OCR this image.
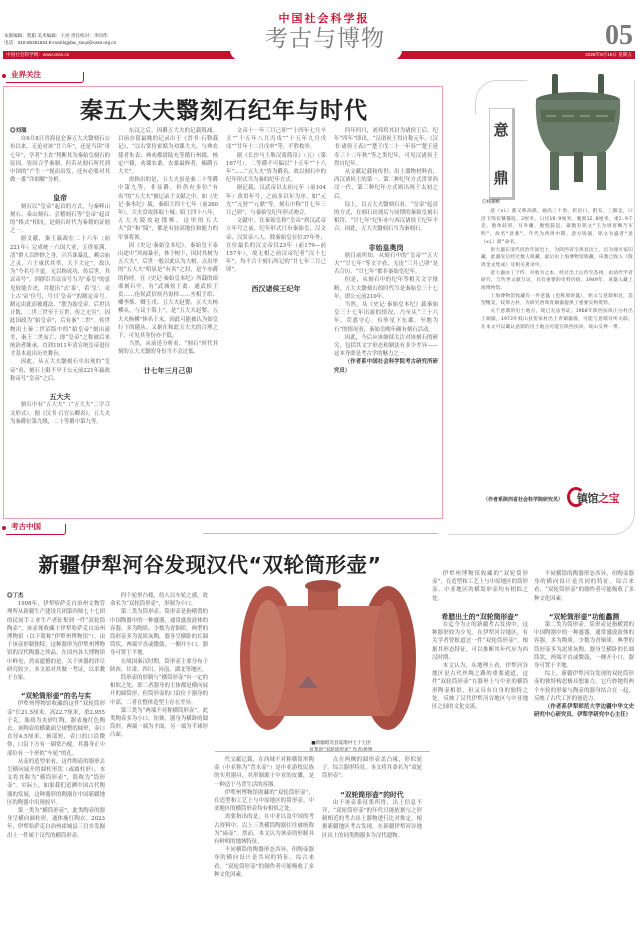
本版编辑：程阳 美术编辑：王亮 责任校对：李同伟
电话：010-85361534 E-mail:kgybw_sscp@cass.org.cn
中国社会科学报
考古与博物	05
中国社会科学网：www.cssn.cn	2025年9月19日 星期五
业界关注
秦五大夫翳刻石纪年与时代

◎刘瑞

自6月8日青海昆仑秦五大夫翳刻石公布以来，无论对该“廿六年”，还是当读“卅七年”，学者“主直”判断其为秦始皇刻石的原因，皆因合乎秦制。但若从刻石所代到中国的“产生一”视而出发，还有必要对其做一番“详细解”分析。

皇帝

刻石以“皇帝”起首的方式，与秦峄山刻石、泰山刻石、会稽刻石等“皇帝”起首的“格式”相同，是刻石时代为秦朝的证据之一。

据文献，秦王嬴政在二十六年（前221年）完成统一六国大业，五得原满，清“群人以眇眇之身，兴兵诛暴乱，赖宗庙之灵，六王咸伏其辜，天下大定”。故认为“今名号不更，无以称成功，传后世。其议帝号”。到群臣共议帝号当为“泰皇”的意见较能否决，并提出“去‘泰’，着‘皇’，采上古‘帝’位号，号曰‘皇帝’”的制定帝号。制定由此而被遵法，“朕为始皇帝。后世以计数，二世三世至于万世，传之无穷”。因此国政为“始皇帝”，后有秦“二世”。传世物出土秦二世诏版中的“始皇帝”刻出流美，秦王二世而亡，即“皇帝”之称被后来统治者继承，直到1911年清宣统皇帝退位才基本退出历史舞台。

因此，从五大夫翳刻石中出现的“皇帝”看，刻石上限不早于公元前221年嬴政称帝号“皇帝”之后。

五大夫

刻石中有“五大夫”（“五大夫”二字合文形式）。据《汉书·百官公卿表》，五大夫为秦爵位第九级，二十等爵中第九等。

东汉之后，因爵五大夫的记载锐减。目前存留最晚的记录出于《晋书·石勒载记》，“以右常侍霍皓为劝课大夫，与典农使者朱表、典劝都尉陆充等循行州郡，核定户籍，劝课农桑。农桑最修者，赐爵五大夫”。

需指出的是，五大夫虽是秦二十等爵中第九等，非显爵，但仍有多位“有名”的“五大夫”被记录于文献之中。如《史记·秦本纪》载，秦昭王四十七年（前260年），大夫贲攻韩取十城；昭王四十八年，五大夫陵攻赵邯郸。这里的五大夫“贲”和“陵”，都是有较高地位和能力的军事将领。

因《史记·秦始皇本纪》，秦始皇下泰山途中“风雨暴至，休于树下，因封其树为五大夫”。后世一般以此认为大树，点出里的“五大夫”明显是“有名”之封，是个亦爵的称呼。在《史记·秦始皇本纪》所载的琅邪刻石中，有“武城侯王离、通武侯王贲……伦侯武信侯冯毋择……丞相王绾、卿李斯、卿王戊、五大夫赵婴、五大夫杨樛从，与议于海上”，是“五大夫赵婴、五大夫杨樛”体名于末，因此可能被认为始皇行下的随从。又据在和此五大夫的合理之下，可见其身份亦不低。

当然，从前述分析看，“刻石”时代其刻的五大夫翳的身份当不会过低。

廿七年三月己卯

文帝十一年三月己卯”“十四年七月辛丑”“十五年八月丙戌”“十五年九月戊戌”“廿年十二月戊申”等，不胜枚举。

据《长沙马王堆汉墓简帛》（五）（第167号），二等爵不可偏以“十五年”“十六年”……“五大夫”皆为爵名，故以刻石中的纪年形式当为秦的纪年方式。

据记载，汉武帝以太初元年（前104年）改用年号，之前多以年为序，如“元光”“元狩”“元鼎”等。刻石中称“廿七年三月己卯”，与秦始皇纪年形式吻合。

文献中，在秦始皇称“皇帝”到汉武帝立年号之前，纪年形式只有秦始皇、汉文帝、汉景帝八人。除秦始皇在位37年外，在位最长的汉文帝仅23年（前179—前157年），故无相之前汉帝纪者“汉十七年”，均不合于刻石所记的“廿七年三月己卯”。

西汉诸侯王纪年

四年四月，刘邦将其封为诸侯王后，纪年“四年”即出，“汉诸侯王得自称元年。《汉书·诸侯王表》”“楚王戊二十一年春”“楚王延寿三十二年秋”等之类纪年，可见汉诸侯王得自纪年。

从文献记载和传世、出土器物材料看，西汉诸侯王的第一、第二种纪年方式贯穿西汉一代，第三种纪年方式则出现于太初之后。

综上，以五大夫翳刻石看，“皇帝”起首的方式，在刻石出现后与同期的秦始皇刻石相符，“廿七年”纪年亦与西汉诸侯王纪年不合。因此，五大夫翳刻石当为秦刻石。

非始皇奥岗

据目前所知，从刻石中的“皇帝”“五大夫”“廿七年”等文字看，无论“三月己卯”是否合历，“廿七年”都非秦始皇纪年。

但是，从刻石中的纪年等相关文字推断，五大夫翳刻石的时代当是秦始皇三十七年，即公元前210年。

当然，从《史记·秦始皇本纪》载秦始皇三十七年出游的情况，乃至从“三十六年，荧惑守心。有坠星下东郡，至地为石”的情况看，秦始皇晚年确有刻石活动。

因此，今后应该继续关注对该刻石的研究，包括其文字形态和制法有多少差异——这本身即是考古学的魅力之一。

（作者系中国社会科学院考古研究所研究员）

意
鼎
◎杨耀彬

意（xi）鼎又称高鼎，通高三十余，折沿口，附耳，三蹄足，口沿下饰有饕餮纹。2厘米，口径19.9厘米，腹围12.8厘米，重2.9千克。胎体较厚，耳外撇，腹壁鼓起，器腹有铭文“王为周客赐乃军明”，故名“意鼎”。年代为西周中期。意方铸器，铭文为盛者“意（xi）鼎”命名。

原大器在清代同治年间出土，为陕西省宝鸡县出土，后为端方家旧藏，此器先后经过数人收藏，最后由上海博物馆收藏，该鼎已收入《殷周金文集成》及相关著录中。

意大器由丁于传、对收为之本，经过出土后传至苏州，由清代学者研究，与传世文献互证，具有重要的史料价值。1949年，该器入藏上海博物馆。

上海博物馆收藏有一件意簋（也称邢侯簋），铭文与意鼎相近，造型精美，纹饰古朴，为研究西周青铜器提供了重要实物资料。

关于意鼎的出土地点，现已无法考证。1960年陕西扶风庄白村出土铜器，1973年岐山县贺家村出土青铜器群，可能与意鼎有所关联。在本文可以确认意鼎的出土地点可能在陕西扶风、岐山交界一带。

（作者系陕西省社会科学院研究员） 镇馆之宝
考古中国
新疆伊犁河谷发现汉代“双轮筒形壶”

◎丁杰

1998年，伊犁哈萨克自治州文物管理所从新疆生产建设兵团第四师七十七团的民间手工业生产者征集到一件“双轮筒陶壶”，该壶现收藏于伊犁哈萨克自治州博物馆（以下简称“伊犁州博物馆”）。由于该壶形制独特，这种器形为伊犁州博物馆的汉代陶器之珍品。在国内各大博物馆中鲜见，然而遗憾的是，关于该器的详尽研究较少。本文拟对其做一考证，以求教于方家。

“双轮筒形壶”的名与实

伊犁州博物馆收藏的这件“双轮筒形壶”长21.5厘米，高22.7厘米，重2.955千克，胎质为夹砂红陶，器表施红色陶衣。该陶壶的横截面呈规整的圆形，壶口直径4.5厘米，颈部短，壶口的口沿微侈，口沿下方有一圈宽凸棱。其器身正中部位有一个形似“车轮”的孔。

从壶的造型来看，这件陶壶的器形去呈横向展开的圆柱形状（或圆柱形），本文将其称为“横筒形壶”，简称为“筒形壶”。实际上，如果我们追溯中国古代陶器的发展，这种器形的陶器在中国新疆地区的陶器中出现较早。

第一类为“横筒形壶”，此类陶壶的器身呈横向圆柱形，通体施红陶衣。2023年，伊犁哈萨克自治州霍城县三宫乡发掘出土一件属于汉代的横筒形壶。

四个轮形凸棱，给人以车轮之感，故命名为“双轮筒形壶”，形制为小口。

第二类为筒形壶。筒形壶是指横置的中国陶器中的一种盛器，通常盛放液体的容器，多为陶质，少数为青铜质。典型的筒形壶多为泥质灰陶，器身呈横卧的长圆筒状，两端平直或微鼓，一侧开小口，器身可置于平地。

在战国秦汉时期，筒形壶主要分布于陕西、甘肃、四川、河南、湖北等地区。

筒形壶的形制与“横筒形壶”有一定的相似之处，即二者器身的主体都是横向展开的圆筒形。但筒形壶的口沿位于器身的中部，二者在整体造型上存在差异。

第三类为“两端不对称横筒形壶”，此类陶壶多为小口，短颈，器身为横卧的圆筒形，两端一端为平面，另一端为半球形凸面。

■新疆昭苏县夏塔村七十七团

代文献记载，在西域不对称横筒形陶壶（中亚称为“背水壶”）是中亚游牧民族的实用器具，其形制源于中亚的皮囊，是一种适于马背生活的容器。

伊犁州博物馆收藏的“双轮筒形壶”，在造型和工艺上与中原地区的筒形壶、中亚地区的横筒形壶均有相似之处。

需要指出的是，在中亚以及中国的考古资料中，以上三类横筒陶器往往被统称为“扁壶”。然而，本文认为该壶的形制具有鲜明的地域特征。

不同横筒的陶器形态各异，但陶壶器身的横向设计是共同的特征。综合来看，“双轮筒形壶”的制作者可能吸收了多种文化因素。

点在两侧的圆形壶盖凸缘，形似轮子。综合器形特征，本文将其命名为“双轮筒形壶”。

“双轮筒形壶”的时代

由于该壶系征集所得，出土信息不详，“双轮筒形壶”的年代只能依据与之形制相近的考古出土器物进行比对推定。根据新疆地区考古发现，在新疆伊犁河谷地区出土的同类陶器多为汉代遗物。

伊犁州博物馆收藏的“双轮筒形壶”，在造型和工艺上与中原地区的筒形壶、中亚地区的横筒形壶均有相似之处。

希腊出土的“双轮筒形壶”

在迄今为止的新疆考古发现中，这种器形较为少见。在伊犁河谷地区，有关学者曾报道过一件“双轮筒形壶”。根据其形态特征，可以推断其年代应为西汉时期。

本文认为，从地理上看，伊犁河谷地区是古代丝绸之路的重要通道，这件“双轮筒形壶”在器形上与中亚的横筒形陶壶相似，但又具有自身的独特之处，反映了汉代伊犁河谷地区与中亚地区之间的文化交流。

不同横筒的陶器形态各异，但陶壶器身的横向设计是共同的特征。综合来看，“双轮筒形壶”的制作者可能吸收了多种文化因素。

“双轮筒形壶”功能蠡测

第二类为筒形壶。筒形壶是指横置的中国陶器中的一种盛器，通常盛放液体的容器，多为陶质，少数为青铜质。典型的筒形壶多为泥质灰陶，器身呈横卧的长圆筒状，两端平直或微鼓，一侧开小口，器身可置于平地。

综上，新疆伊犁河谷发现的双轮筒形壶的独特构思极具想象力，它巧妙地将两个车轮的形象与陶壶的器身结合在一起，反映了古代工匠的创造力。

（作者系伊犁师范大学边疆中华文史研究中心研究员、伊犁学研究中心主任）
